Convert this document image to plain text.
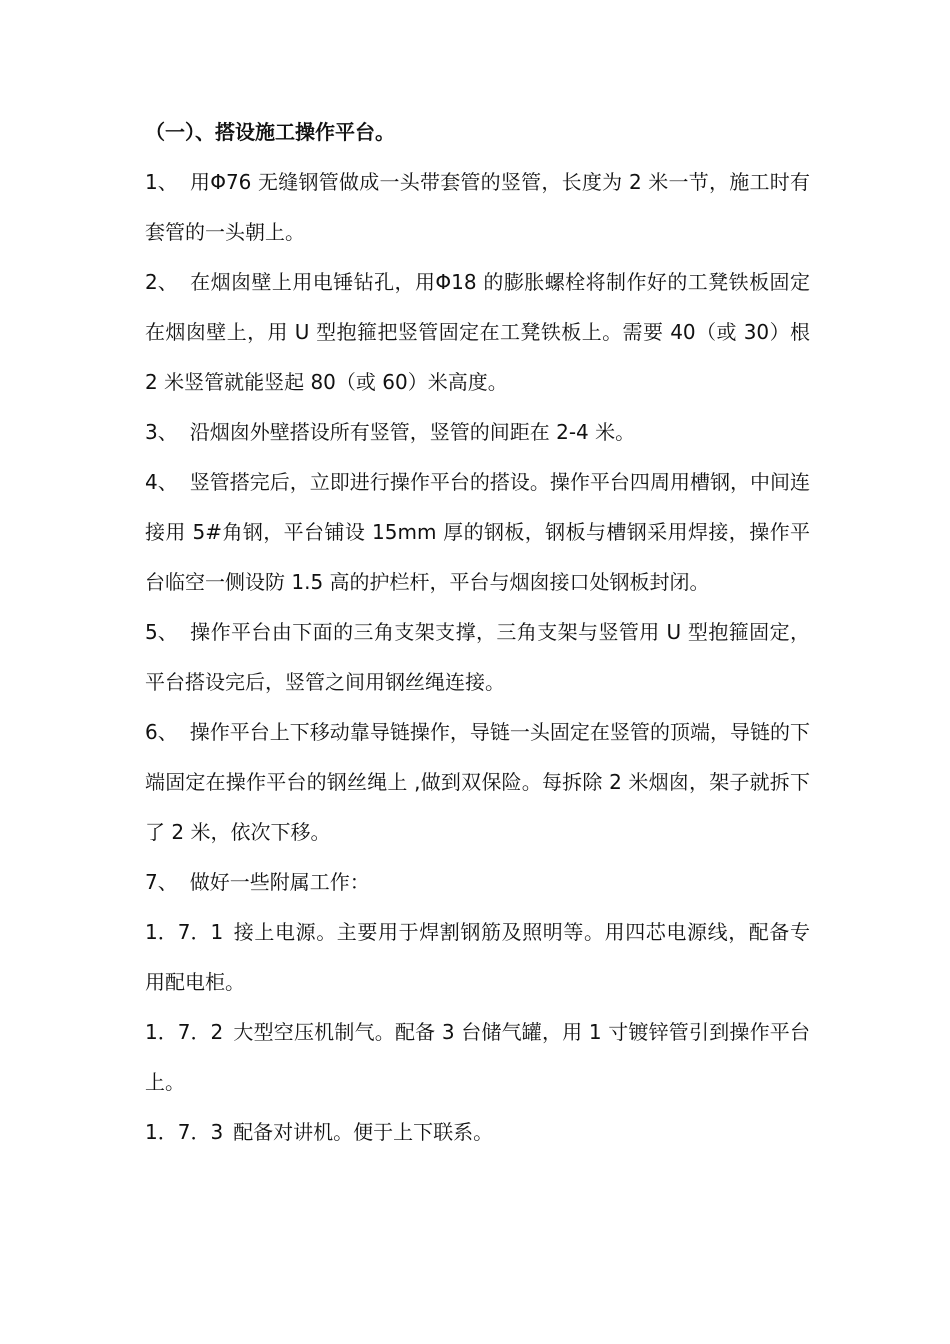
（一）、搭设施工操作平台。
1、 用Φ76 无缝钢管做成一头带套管的竖管，长度为 2 米一节，施工时有套管的一头朝上。
2、 在烟囱壁上用电锤钻孔，用Φ18 的膨胀螺栓将制作好的工凳铁板固定在烟囱壁上，用 U 型抱箍把竖管固定在工凳铁板上。需要 40（或 30）根 2 米竖管就能竖起 80（或 60）米高度。
3、 沿烟囱外壁搭设所有竖管，竖管的间距在 2-4 米。
4、 竖管搭完后，立即进行操作平台的搭设。操作平台四周用槽钢，中间连接用 5#角钢，平台铺设 15mm 厚的钢板，钢板与槽钢采用焊接，操作平台临空一侧设防 1.5 高的护栏杆，平台与烟囱接口处钢板封闭。
5、 操作平台由下面的三角支架支撑，三角支架与竖管用 U 型抱箍固定，平台搭设完后，竖管之间用钢丝绳连接。
6、 操作平台上下移动靠导链操作，导链一头固定在竖管的顶端，导链的下端固定在操作平台的钢丝绳上 ,做到双保险。每拆除 2 米烟囱，架子就拆下了 2 米，依次下移。
7、 做好一些附属工作：
1．7．1 接上电源。主要用于焊割钢筋及照明等。用四芯电源线，配备专用配电柜。
1．7．2 大型空压机制气。配备 3 台储气罐，用 1 寸镀锌管引到操作平台上。
1．7．3 配备对讲机。便于上下联系。
